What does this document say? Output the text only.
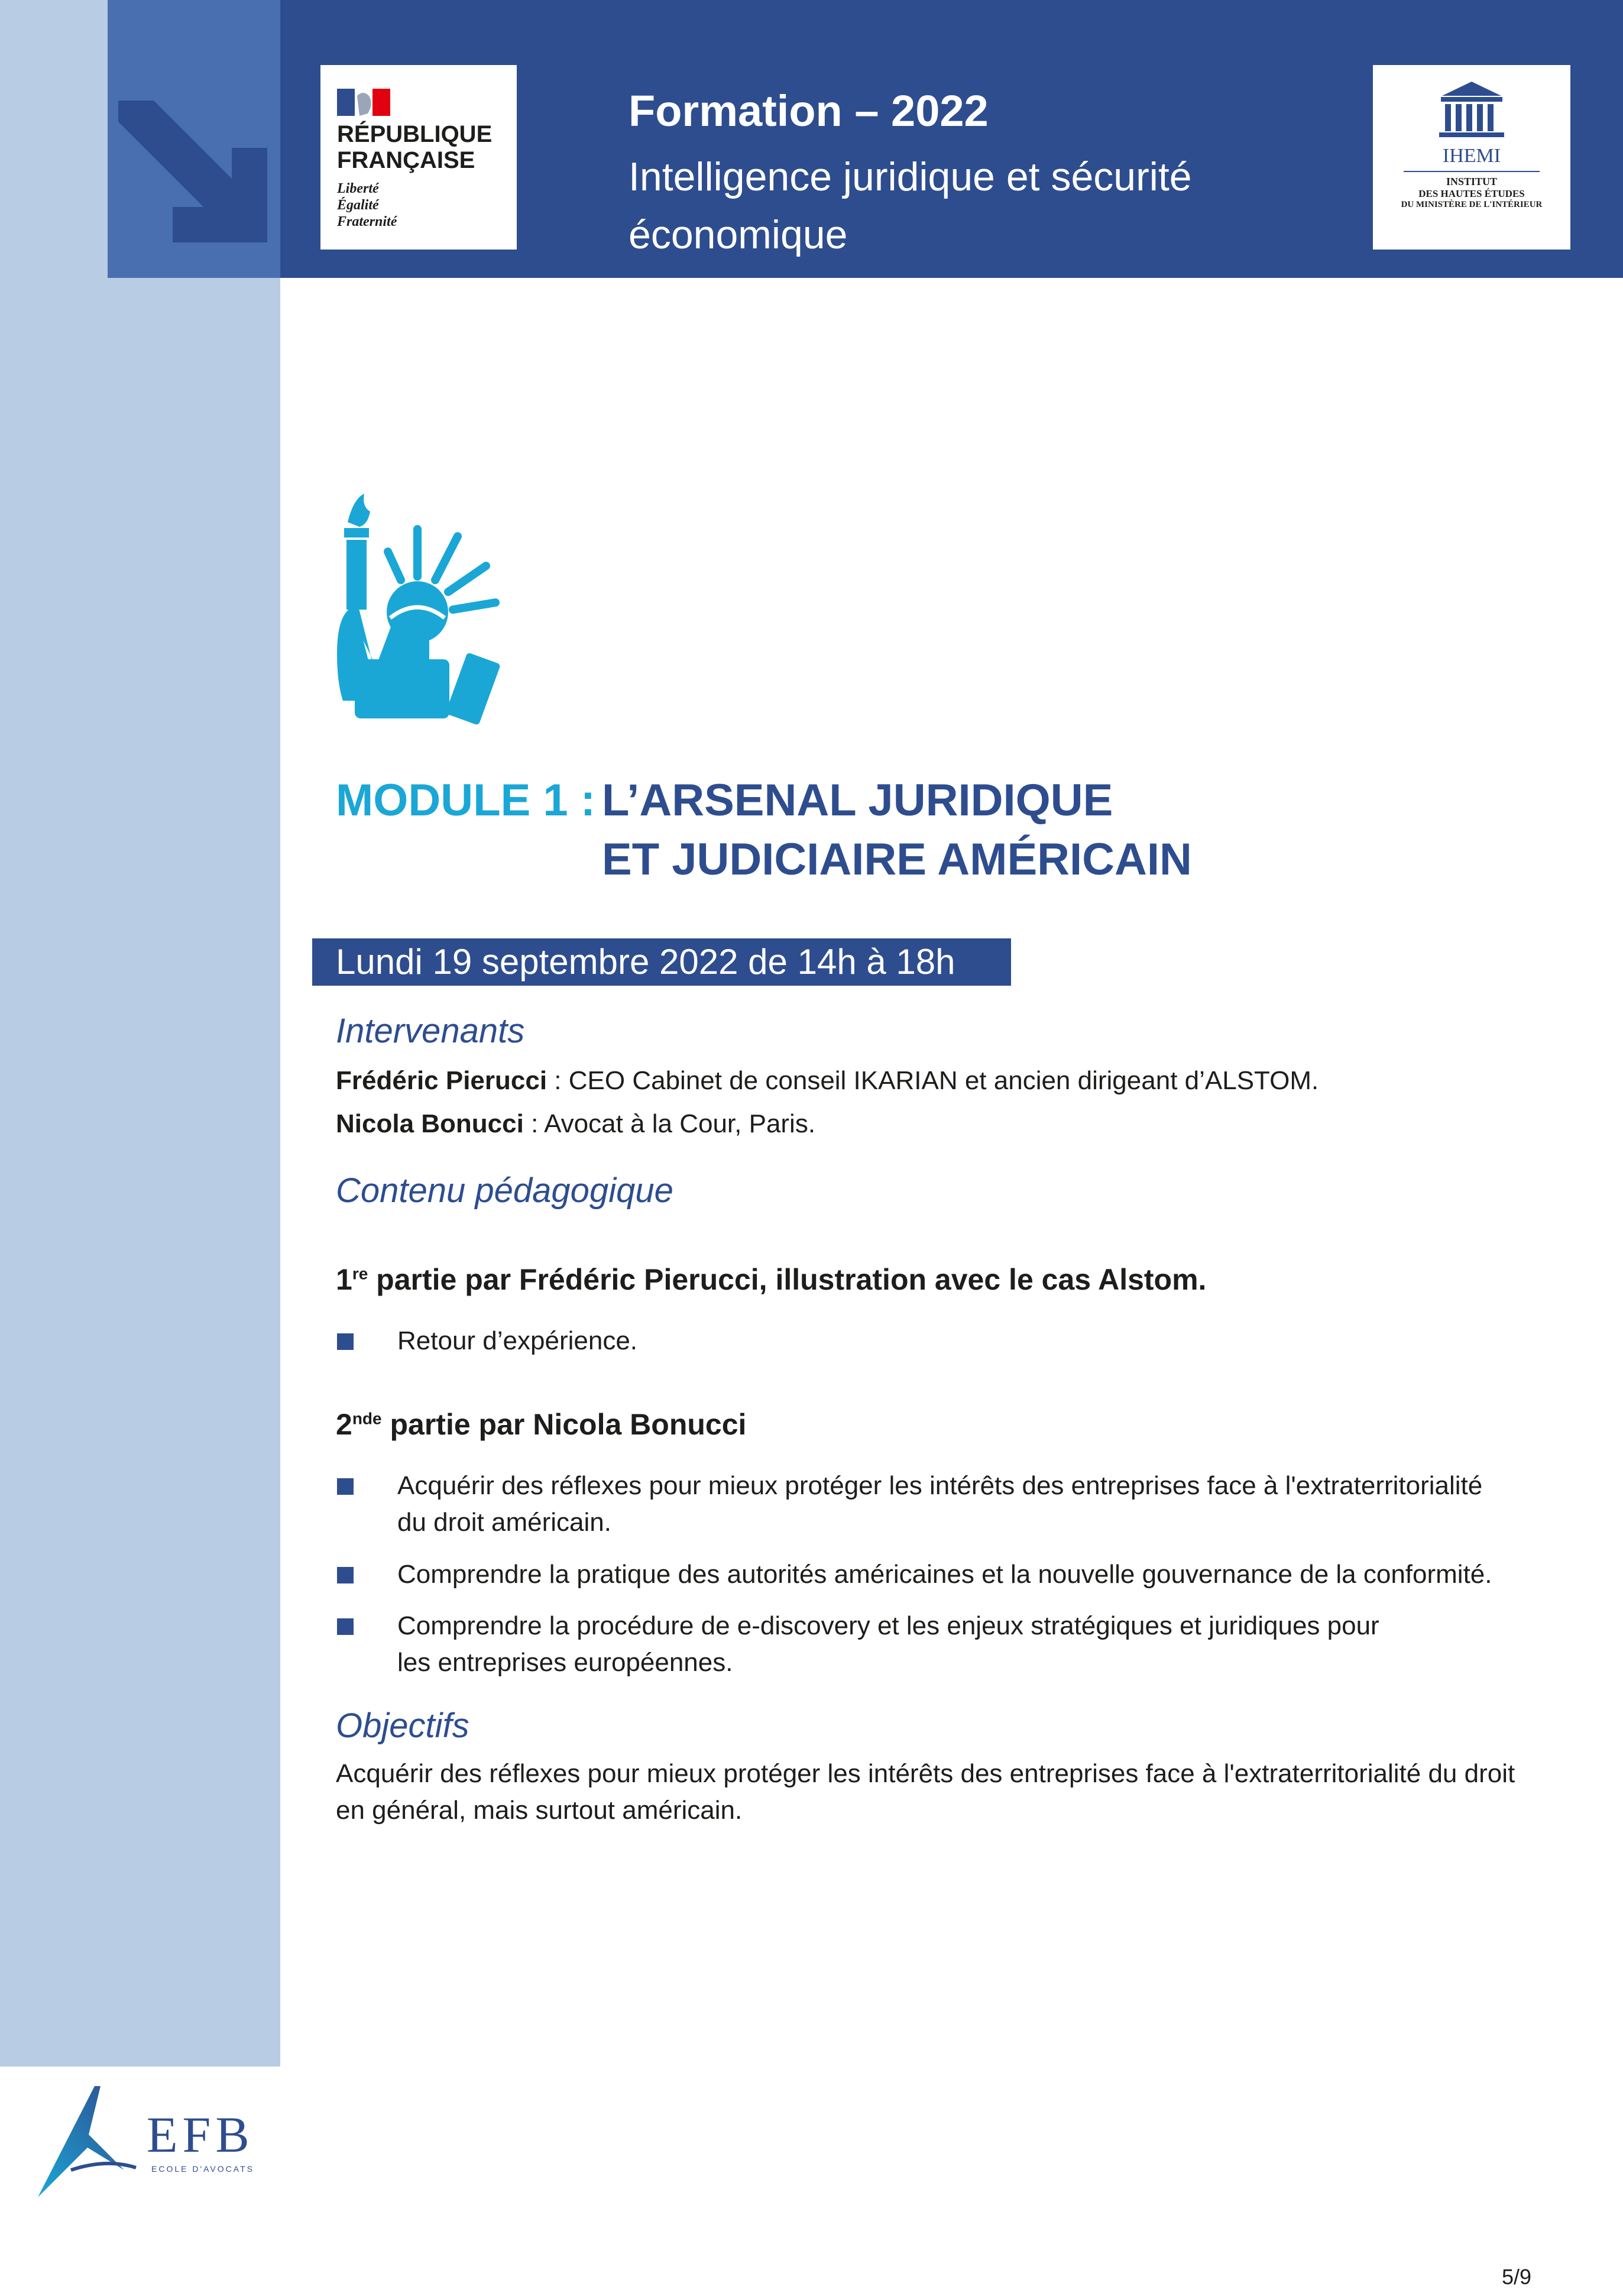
RÉPUBLIQUE
FRANÇAISE
Liberté
Égalité
Fraternité
Formation – 2022
Intelligence juridique et sécurité
économique
IHEMI
INSTITUT
DES HAUTES ÉTUDES
DU MINISTÈRE DE L'INTÉRIEUR
MODULE 1 : L’ARSENAL JURIDIQUE
ET JUDICIAIRE AMÉRICAIN
Lundi 19 septembre 2022 de 14h à 18h
Intervenants
Frédéric Pierucci : CEO Cabinet de conseil IKARIAN et ancien dirigeant d’ALSTOM.
Nicola Bonucci : Avocat à la Cour, Paris.
Contenu pédagogique
1re partie par Frédéric Pierucci, illustration avec le cas Alstom.
Retour d’expérience.
2nde partie par Nicola Bonucci
Acquérir des réflexes pour mieux protéger les intérêts des entreprises face à l'extraterritorialité
du droit américain.
Comprendre la pratique des autorités américaines et la nouvelle gouvernance de la conformité.
Comprendre la procédure de e-discovery et les enjeux stratégiques et juridiques pour
les entreprises européennes.
Objectifs
Acquérir des réflexes pour mieux protéger les intérêts des entreprises face à l'extraterritorialité du droit
en général, mais surtout américain.
EFB
ECOLE D'AVOCATS
5/9
